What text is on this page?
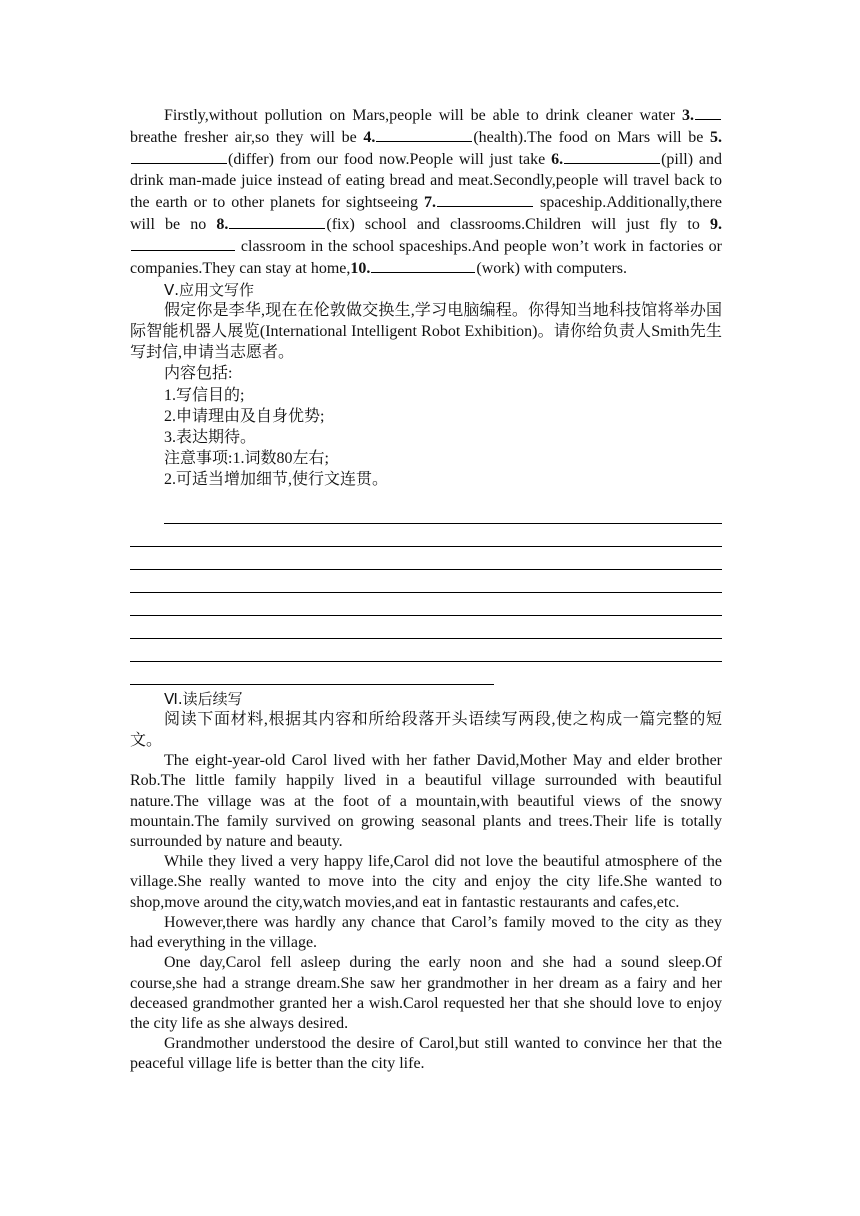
Firstly,without pollution on Mars,people will be able to drink cleaner water 3. breathe fresher air,so they will be 4.	(health).The food on Mars will be 5.(differ) from our food now.People will just take 6.	(pill) and drink man-made juice instead of eating bread and meat.Secondly,people will travel back to the earth or to other planets for sightseeing 7.	spaceship.Additionally,there will be no 8.	(fix) school and classrooms.Children will just fly to 9. classroom in the school spaceships.And people won’t work in factories or companies.They can stay at home,10.	(work) with computers.

Ⅴ.应用文写作

假定你是李华,现在在伦敦做交换生,学习电脑编程。你得知当地科技馆将举办国际智能机器人展览(International Intelligent Robot Exhibition)。请你给负责人Smith先生写封信,申请当志愿者。

内容包括:

1.写信目的;

2.申请理由及自身优势;

3.表达期待。

注意事项:1.词数80左右;

2.可适当增加细节,使行文连贯。

Ⅵ.读后续写

阅读下面材料,根据其内容和所给段落开头语续写两段,使之构成一篇完整的短文。

The eight-year-old Carol lived with her father David,Mother May and elder brother Rob.The little family happily lived in a beautiful village surrounded with beautiful nature.The village was at the foot of a mountain,with beautiful views of the snowy mountain.The family survived on growing seasonal plants and trees.Their life is totally surrounded by nature and beauty.

While they lived a very happy life,Carol did not love the beautiful atmosphere of the village.She really wanted to move into the city and enjoy the city life.She wanted to shop,move around the city,watch movies,and eat in fantastic restaurants and cafes,etc.

However,there was hardly any chance that Carol’s family moved to the city as they had everything in the village.

One day,Carol fell asleep during the early noon and she had a sound sleep.Of course,she had a strange dream.She saw her grandmother in her dream as a fairy and her deceased grandmother granted her a wish.Carol requested her that she should love to enjoy the city life as she always desired.

Grandmother understood the desire of Carol,but still wanted to convince her that the peaceful village life is better than the city life.
